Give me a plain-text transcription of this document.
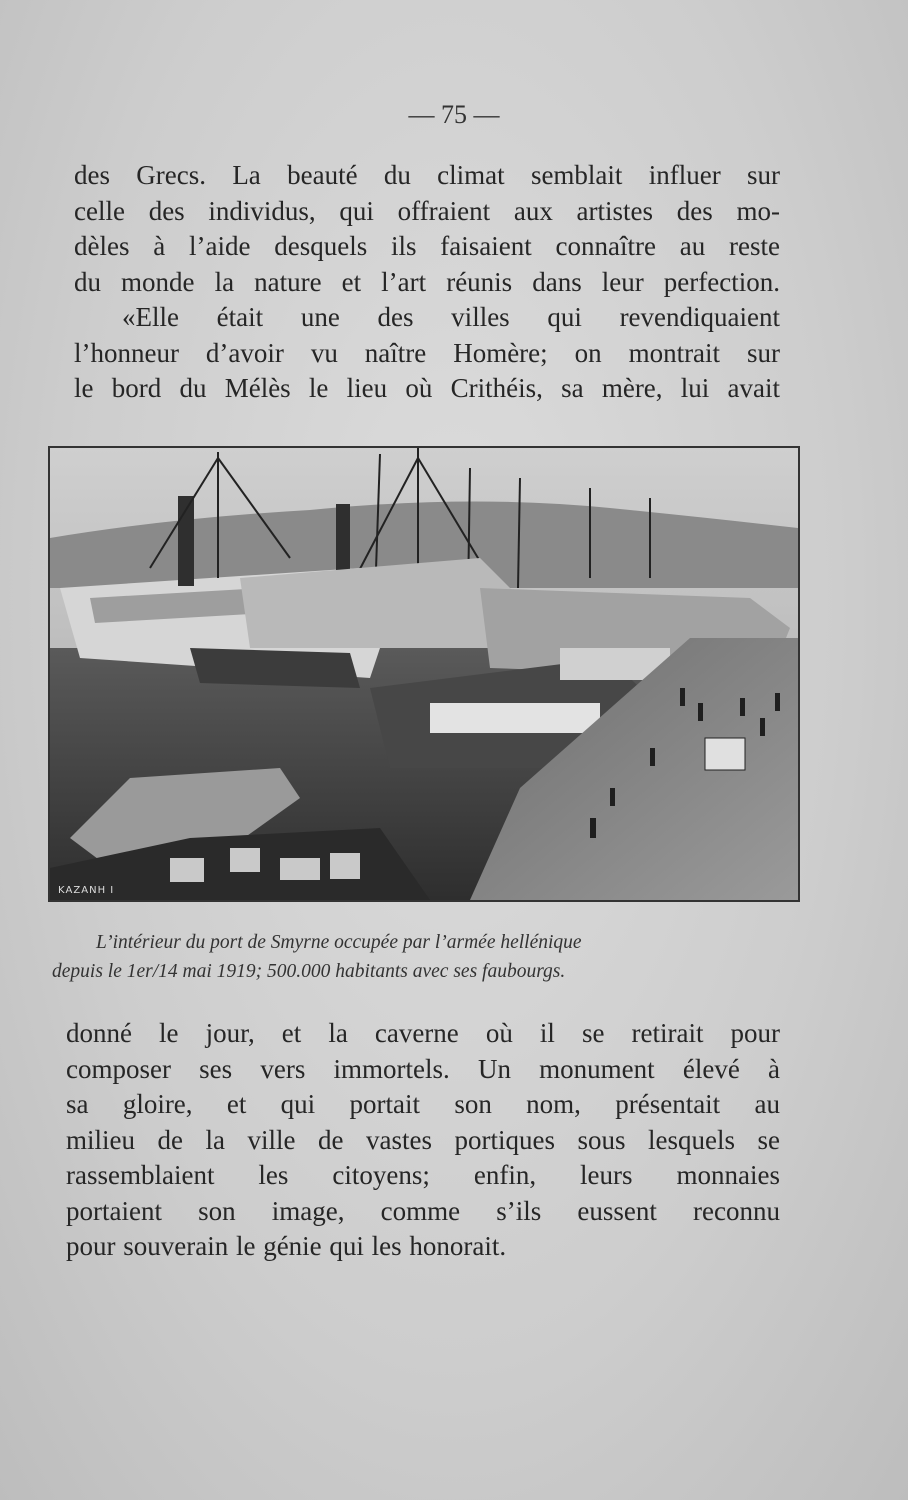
— 75 —
des Grecs. La beauté du climat semblait influer sur
celle des individus, qui offraient aux artistes des mo-
dèles à l’aide desquels ils faisaient connaître au reste
du monde la nature et l’art réunis dans leur perfection.
«Elle était une des villes qui revendiquaient
l’honneur d’avoir vu naître Homère; on montrait sur
le bord du Mélès le lieu où Crithéis, sa mère, lui avait
ΚΑΖΑΝΗ Ι
L’intérieur du port de Smyrne occupée par l’armée hellénique
depuis le 1er/14 mai 1919; 500.000 habitants avec ses faubourgs.
donné le jour, et la caverne où il se retirait pour
composer ses vers immortels. Un monument élevé à
sa gloire, et qui portait son nom, présentait au
milieu de la ville de vastes portiques sous lesquels se
rassemblaient les citoyens; enfin, leurs monnaies
portaient son image, comme s’ils eussent reconnu
pour souverain le génie qui les honorait.
